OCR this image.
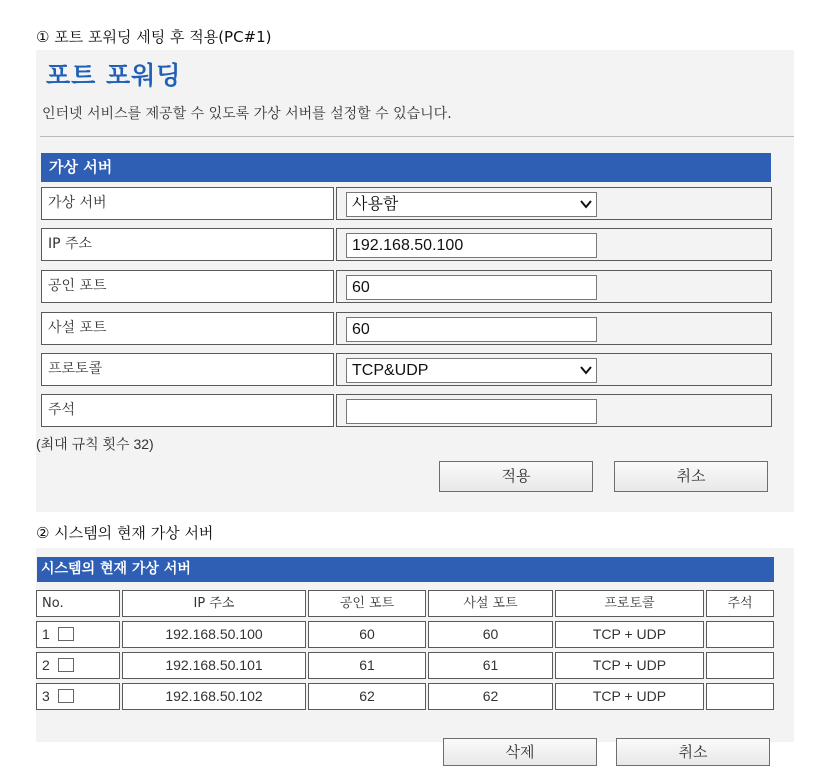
① 포트 포워딩 세팅 후 적용(PC#1)
포트 포워딩
인터넷 서비스를 제공할 수 있도록 가상 서버를 설정할 수 있습니다.
가상 서버
가상 서버	사용함
IP 주소	192.168.50.100
공인 포트	60
사설 포트	60
프로토콜	TCP&UDP
주석
(최대 규칙 횟수 32)
적용	취소
② 시스템의 현재 가상 서버
시스템의 현재 가상 서버
No.	IP 주소	공인 포트	사설 포트	프로토콜	주석
1	192.168.50.100	60	60	TCP + UDP
2	192.168.50.101	61	61	TCP + UDP
3	192.168.50.102	62	62	TCP + UDP
삭제	취소
